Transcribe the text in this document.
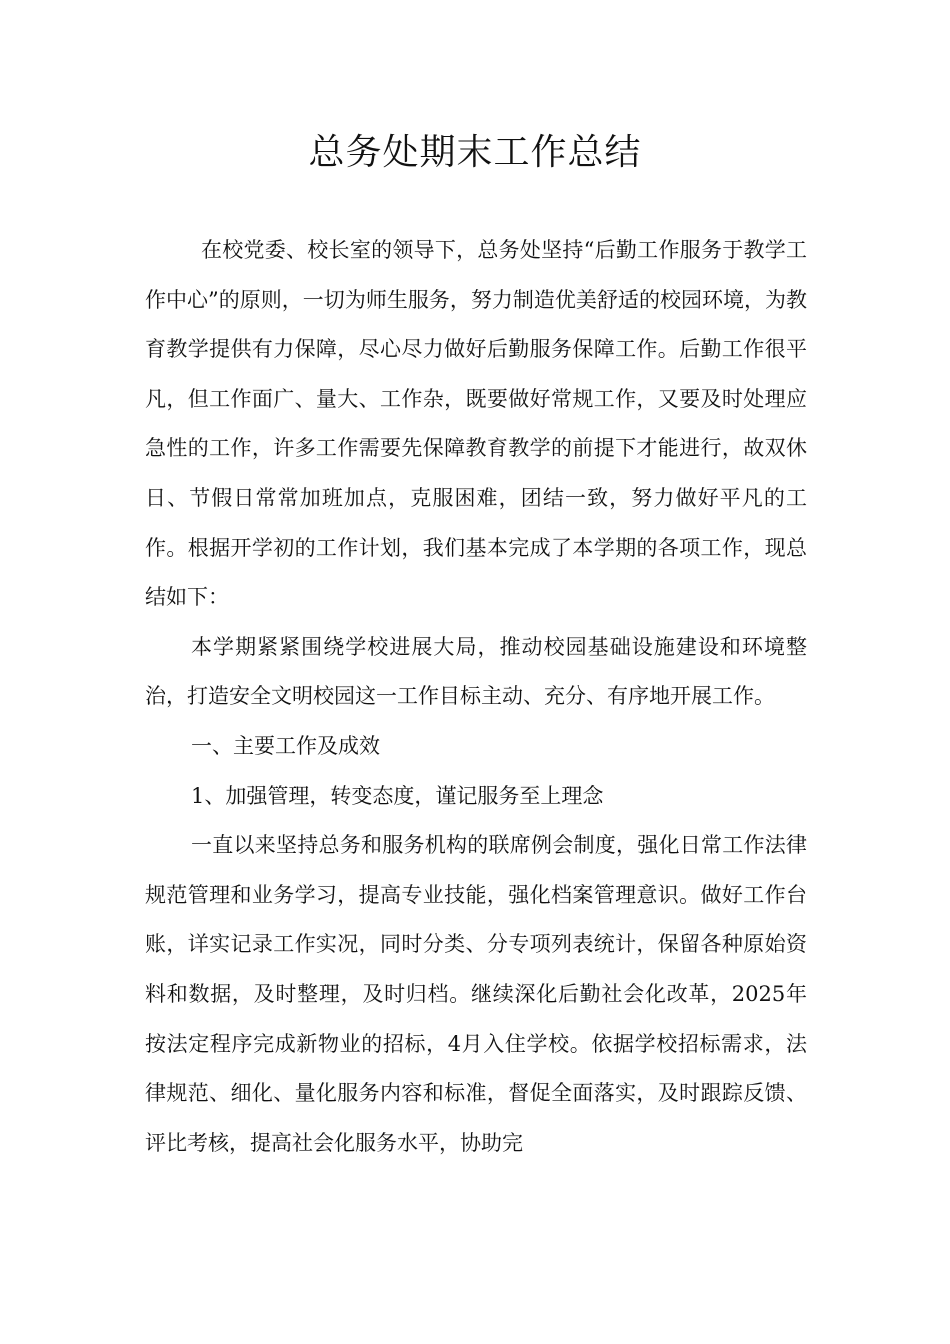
总务处期末工作总结

在校党委、校长室的领导下，总务处坚持“后勤工作服务于教学工作中心”的原则，一切为师生服务，努力制造优美舒适的校园环境，为教育教学提供有力保障，尽心尽力做好后勤服务保障工作。后勤工作很平凡，但工作面广、量大、工作杂，既要做好常规工作，又要及时处理应急性的工作，许多工作需要先保障教育教学的前提下才能进行，故双休日、节假日常常加班加点，克服困难，团结一致，努力做好平凡的工作。根据开学初的工作计划，我们基本完成了本学期的各项工作，现总结如下：

本学期紧紧围绕学校进展大局，推动校园基础设施建设和环境整治，打造安全文明校园这一工作目标主动、充分、有序地开展工作。

一、主要工作及成效

1、加强管理，转变态度，谨记服务至上理念

一直以来坚持总务和服务机构的联席例会制度，强化日常工作法律规范管理和业务学习，提高专业技能，强化档案管理意识。做好工作台账，详实记录工作实况，同时分类、分专项列表统计，保留各种原始资料和数据，及时整理，及时归档。继续深化后勤社会化改革，2025年按法定程序完成新物业的招标，4月入住学校。依据学校招标需求，法律规范、细化、量化服务内容和标准，督促全面落实，及时跟踪反馈、评比考核，提高社会化服务水平，协助完
